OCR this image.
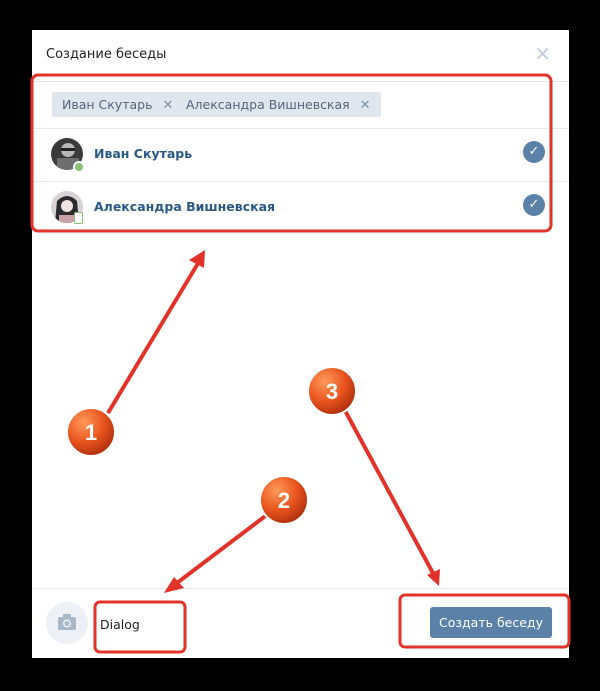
Создание беседы	✕
Иван Скутарь ✕	Александра Вишневская ✕
Иван Скутарь	✓
Александра Вишневская	✓
Dialog
Создать беседу
1
2
3
